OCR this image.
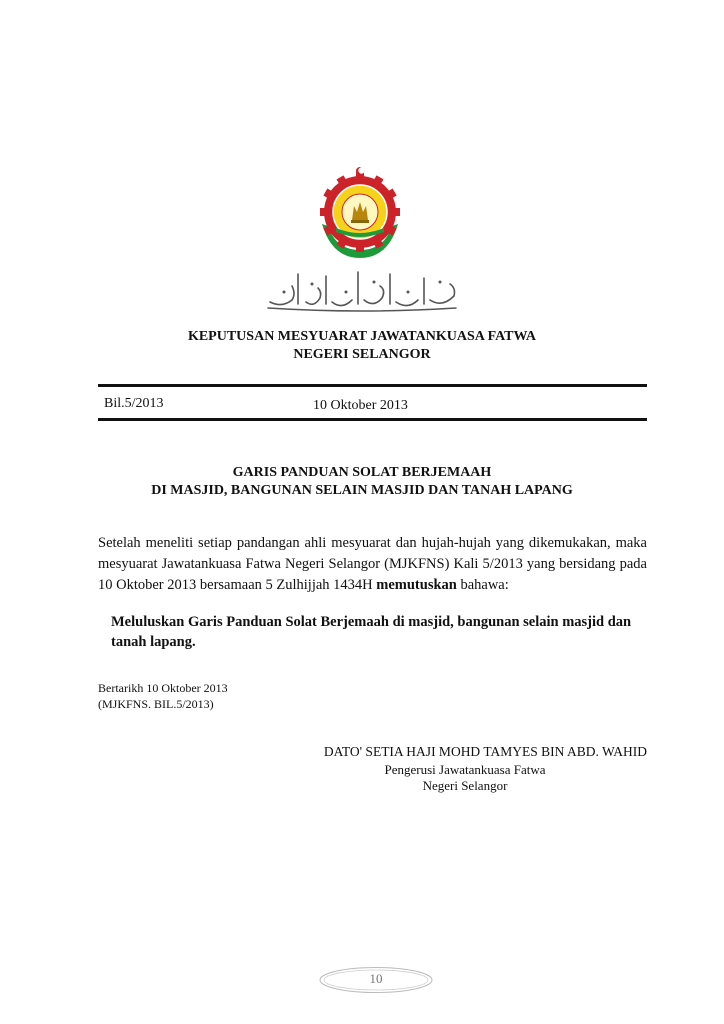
KEPUTUSAN MESYUARAT JAWATANKUASA FATWA
NEGERI SELANGOR
Bil.5/2013	10 Oktober 2013
GARIS PANDUAN SOLAT BERJEMAAH
DI MASJID, BANGUNAN SELAIN MASJID DAN TANAH LAPANG

Setelah meneliti setiap pandangan ahli mesyuarat dan hujah-hujah yang dikemukakan, maka mesyuarat Jawatankuasa Fatwa Negeri Selangor (MJKFNS) Kali 5/2013 yang bersidang pada 10 Oktober 2013 bersamaan 5 Zulhijjah 1434H memutuskan bahawa:

Meluluskan Garis Panduan Solat Berjemaah di masjid, bangunan selain masjid dan tanah lapang.
Bertarikh 10 Oktober 2013
(MJKFNS. BIL.5/2013)
DATO' SETIA HAJI MOHD TAMYES BIN ABD. WAHID
Pengerusi Jawatankuasa Fatwa
Negeri Selangor
10
